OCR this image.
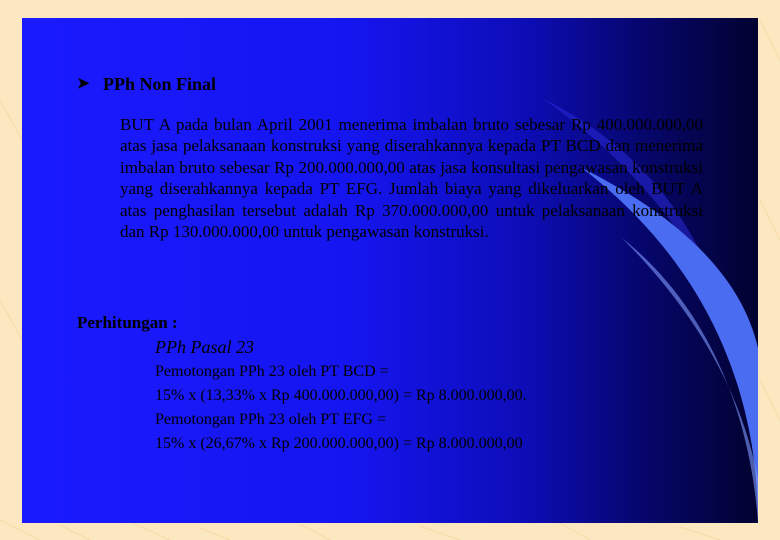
➤ PPh Non Final

BUT A pada bulan April 2001 menerima imbalan bruto sebesar Rp 400.000.000,00 atas jasa pelaksanaan konstruksi yang diserahkannya kepada PT BCD dan menerima imbalan bruto sebesar Rp 200.000.000,00 atas jasa konsultasi pengawasan konstruksi yang diserahkannya kepada PT EFG. Jumlah biaya yang dikeluarkan oleh BUT A atas penghasilan tersebut adalah Rp 370.000.000,00 untuk pelaksanaan konstruksi dan Rp 130.000.000,00 untuk pengawasan konstruksi.

Perhitungan :
PPh Pasal 23
Pemotongan PPh 23 oleh PT BCD =
15% x (13,33% x Rp 400.000.000,00) = Rp 8.000.000,00.
Pemotongan PPh 23 oleh PT EFG =
15% x (26,67% x Rp 200.000.000,00) = Rp 8.000.000,00
